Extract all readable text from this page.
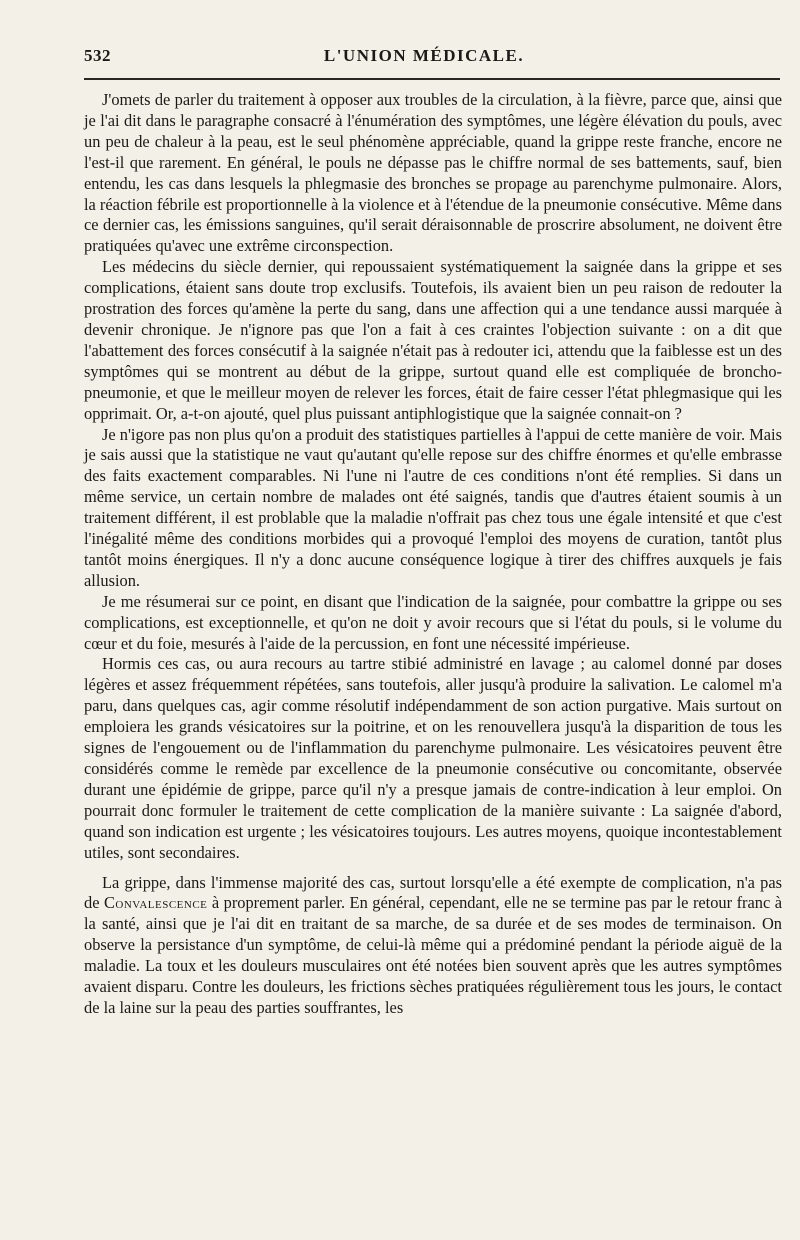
532	L'UNION MÉDICALE.

J'omets de parler du traitement à opposer aux troubles de la circulation, à la fièvre, parce que, ainsi que je l'ai dit dans le paragraphe consacré à l'énumération des symptômes, une légère élévation du pouls, avec un peu de chaleur à la peau, est le seul phénomène appréciable, quand la grippe reste franche, encore ne l'est-il que rarement. En général, le pouls ne dépasse pas le chiffre normal de ses battements, sauf, bien entendu, les cas dans lesquels la phlegmasie des bronches se propage au parenchyme pulmonaire. Alors, la réaction fébrile est proportionnelle à la violence et à l'étendue de la pneumonie consécutive. Même dans ce dernier cas, les émissions sanguines, qu'il serait déraisonnable de proscrire absolument, ne doivent être pratiquées qu'avec une extrême circonspection.

Les médecins du siècle dernier, qui repoussaient systématiquement la saignée dans la grippe et ses complications, étaient sans doute trop exclusifs. Toutefois, ils avaient bien un peu raison de redouter la prostration des forces qu'amène la perte du sang, dans une affection qui a une tendance aussi marquée à devenir chronique. Je n'ignore pas que l'on a fait à ces craintes l'objection suivante : on a dit que l'abattement des forces consécutif à la saignée n'était pas à redouter ici, attendu que la faiblesse est un des symptômes qui se montrent au début de la grippe, surtout quand elle est compliquée de broncho-pneumonie, et que le meilleur moyen de relever les forces, était de faire cesser l'état phlegmasique qui les opprimait. Or, a-t-on ajouté, quel plus puissant antiphlogistique que la saignée connait-on ?

Je n'igore pas non plus qu'on a produit des statistiques partielles à l'appui de cette manière de voir. Mais je sais aussi que la statistique ne vaut qu'autant qu'elle repose sur des chiffre énormes et qu'elle embrasse des faits exactement comparables. Ni l'une ni l'autre de ces conditions n'ont été remplies. Si dans un même service, un certain nombre de malades ont été saignés, tandis que d'autres étaient soumis à un traitement différent, il est problable que la maladie n'offrait pas chez tous une égale intensité et que c'est l'inégalité même des conditions morbides qui a provoqué l'emploi des moyens de curation, tantôt plus tantôt moins énergiques. Il n'y a donc aucune conséquence logique à tirer des chiffres auxquels je fais allusion.

Je me résumerai sur ce point, en disant que l'indication de la saignée, pour combattre la grippe ou ses complications, est exceptionnelle, et qu'on ne doit y avoir recours que si l'état du pouls, si le volume du cœur et du foie, mesurés à l'aide de la percussion, en font une nécessité impérieuse.

Hormis ces cas, ou aura recours au tartre stibié administré en lavage ; au calomel donné par doses légères et assez fréquemment répétées, sans toutefois, aller jusqu'à produire la salivation. Le calomel m'a paru, dans quelques cas, agir comme résolutif indépendamment de son action purgative. Mais surtout on emploiera les grands vésicatoires sur la poitrine, et on les renouvellera jusqu'à la disparition de tous les signes de l'engouement ou de l'inflammation du parenchyme pulmonaire. Les vésicatoires peuvent être considérés comme le remède par excellence de la pneumonie consécutive ou concomitante, observée durant une épidémie de grippe, parce qu'il n'y a presque jamais de contre-indication à leur emploi. On pourrait donc formuler le traitement de cette complication de la manière suivante : La saignée d'abord, quand son indication est urgente ; les vésicatoires toujours. Les autres moyens, quoique incontestablement utiles, sont secondaires.

La grippe, dans l'immense majorité des cas, surtout lorsqu'elle a été exempte de complication, n'a pas de Convalescence à proprement parler. En général, cependant, elle ne se termine pas par le retour franc à la santé, ainsi que je l'ai dit en traitant de sa marche, de sa durée et de ses modes de terminaison. On observe la persistance d'un symptôme, de celui-là même qui a prédominé pendant la période aiguë de la maladie. La toux et les douleurs musculaires ont été notées bien souvent après que les autres symptômes avaient disparu. Contre les douleurs, les frictions sèches pratiquées régulièrement tous les jours, le contact de la laine sur la peau des parties souffrantes, les
